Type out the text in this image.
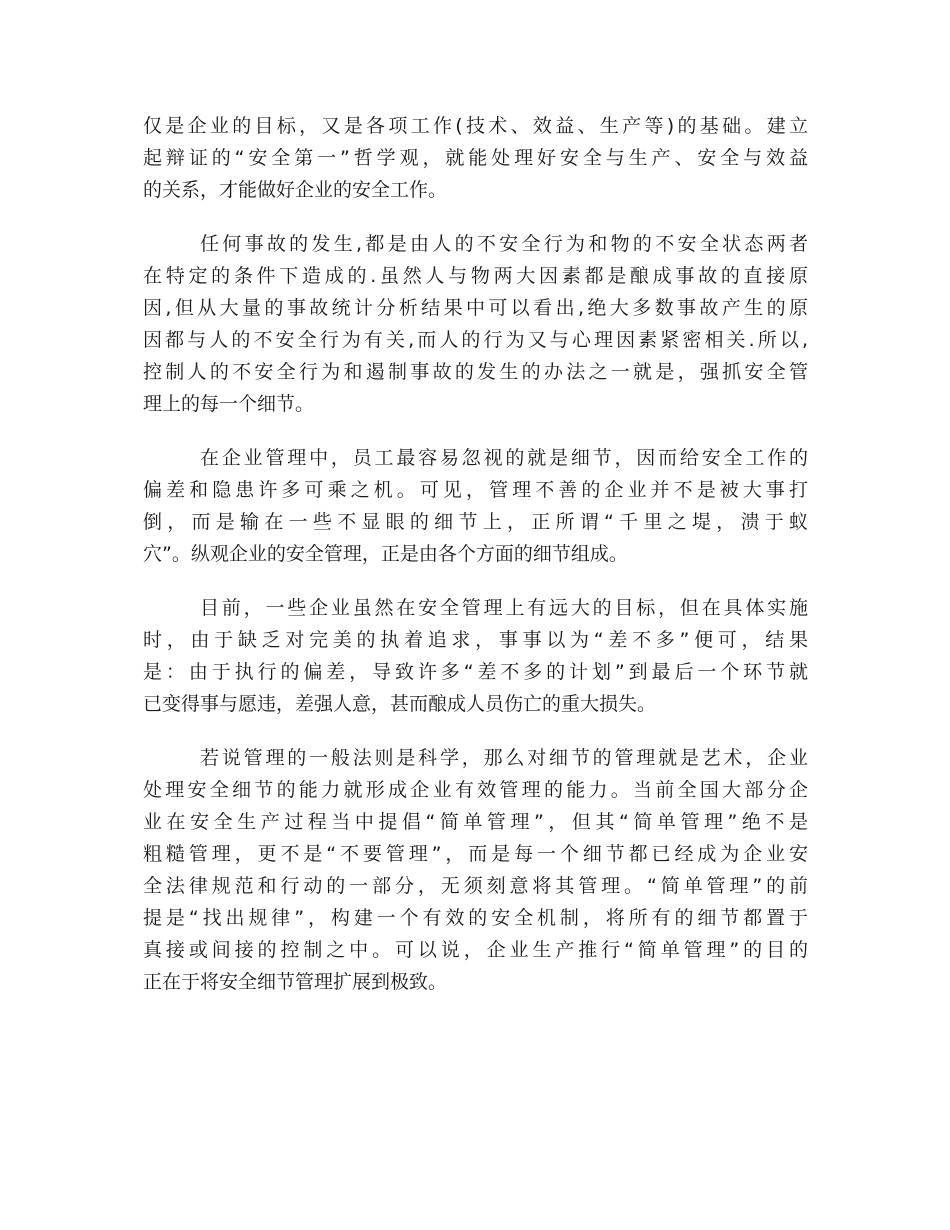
仅是企业的目标，又是各项工作(技术、效益、生产等)的基础。建立
起辩证的“安全第一”哲学观，就能处理好安全与生产、安全与效益
的关系，才能做好企业的安全工作。
任何事故的发生,都是由人的不安全行为和物的不安全状态两者
在特定的条件下造成的.虽然人与物两大因素都是酿成事故的直接原
因,但从大量的事故统计分析结果中可以看出,绝大多数事故产生的原
因都与人的不安全行为有关,而人的行为又与心理因素紧密相关.所以,
控制人的不安全行为和遏制事故的发生的办法之一就是，强抓安全管
理上的每一个细节。
在企业管理中，员工最容易忽视的就是细节，因而给安全工作的
偏差和隐患许多可乘之机。可见，管理不善的企业并不是被大事打
倒，而是输在一些不显眼的细节上，正所谓“千里之堤，溃于蚁
穴”。纵观企业的安全管理，正是由各个方面的细节组成。
目前，一些企业虽然在安全管理上有远大的目标，但在具体实施
时，由于缺乏对完美的执着追求，事事以为“差不多”便可，结果
是：由于执行的偏差，导致许多“差不多的计划”到最后一个环节就
已变得事与愿违，差强人意，甚而酿成人员伤亡的重大损失。
若说管理的一般法则是科学，那么对细节的管理就是艺术，企业
处理安全细节的能力就形成企业有效管理的能力。当前全国大部分企
业在安全生产过程当中提倡“简单管理”，但其“简单管理”绝不是
粗糙管理，更不是“不要管理”，而是每一个细节都已经成为企业安
全法律规范和行动的一部分，无须刻意将其管理。“简单管理”的前
提是“找出规律”，构建一个有效的安全机制，将所有的细节都置于
真接或间接的控制之中。可以说，企业生产推行“简单管理”的目的
正在于将安全细节管理扩展到极致。
